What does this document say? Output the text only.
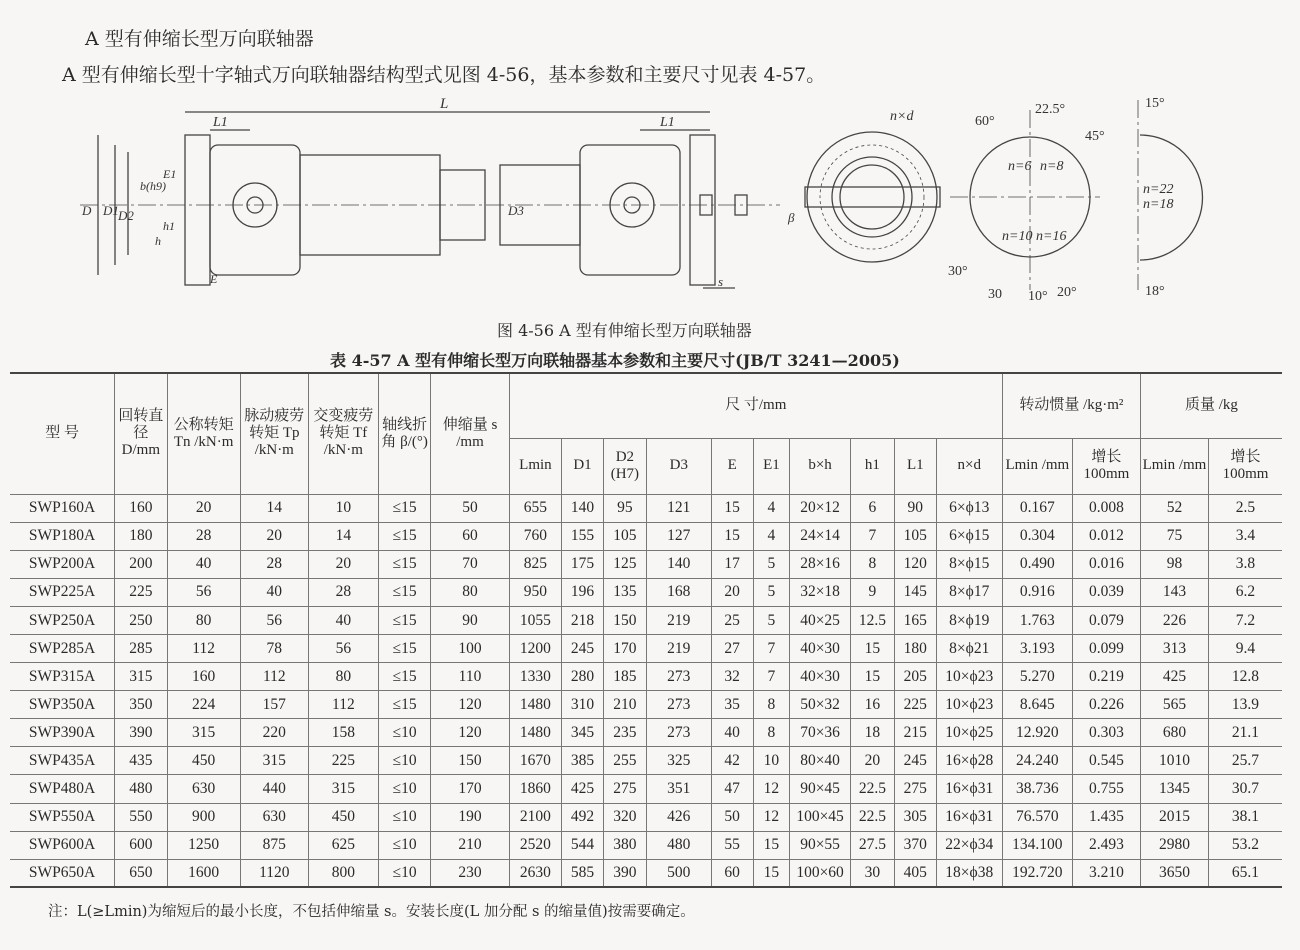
A 型有伸缩长型万向联轴器
A 型有伸缩长型十字轴式万向联轴器结构型式见图 4-56，基本参数和主要尺寸见表 4-57。
L
L1	L1
D D1 D2
b(h9)
E1
h1
h
E
D3	β
s
n×d	60°
22.5°
45°
n=6 n=8
n=10 n=16
30°
30 10° 20°
15°
n=22
n=18
18°
图 4-56 A 型有伸缩长型万向联轴器
表 4-57 A 型有伸缩长型万向联轴器基本参数和主要尺寸(JB/T 3241—2005)
型 号	回转直径 D/mm	公称转矩 Tn /kN·m	脉动疲劳转矩 Tp /kN·m	交变疲劳转矩 Tf /kN·m	轴线折角 β/(°)	伸缩量 s /mm	尺 寸/mm										转动惯量 /kg·m²		质量 /kg	
							Lmin	D1	D2 (H7)	D3	E	E1	b×h	h1	L1	n×d	Lmin /mm	增长 100mm	Lmin /mm	增长 100mm
SWP160A	160	20	14	10	≤15	50	655	140	95	121	15	4	20×12	6	90	6×ϕ13	0.167	0.008	52	2.5
SWP180A	180	28	20	14	≤15	60	760	155	105	127	15	4	24×14	7	105	6×ϕ15	0.304	0.012	75	3.4
SWP200A	200	40	28	20	≤15	70	825	175	125	140	17	5	28×16	8	120	8×ϕ15	0.490	0.016	98	3.8
SWP225A	225	56	40	28	≤15	80	950	196	135	168	20	5	32×18	9	145	8×ϕ17	0.916	0.039	143	6.2
SWP250A	250	80	56	40	≤15	90	1055	218	150	219	25	5	40×25	12.5	165	8×ϕ19	1.763	0.079	226	7.2
SWP285A	285	112	78	56	≤15	100	1200	245	170	219	27	7	40×30	15	180	8×ϕ21	3.193	0.099	313	9.4
SWP315A	315	160	112	80	≤15	110	1330	280	185	273	32	7	40×30	15	205	10×ϕ23	5.270	0.219	425	12.8
SWP350A	350	224	157	112	≤15	120	1480	310	210	273	35	8	50×32	16	225	10×ϕ23	8.645	0.226	565	13.9
SWP390A	390	315	220	158	≤10	120	1480	345	235	273	40	8	70×36	18	215	10×ϕ25	12.920	0.303	680	21.1
SWP435A	435	450	315	225	≤10	150	1670	385	255	325	42	10	80×40	20	245	16×ϕ28	24.240	0.545	1010	25.7
SWP480A	480	630	440	315	≤10	170	1860	425	275	351	47	12	90×45	22.5	275	16×ϕ31	38.736	0.755	1345	30.7
SWP550A	550	900	630	450	≤10	190	2100	492	320	426	50	12	100×45	22.5	305	16×ϕ31	76.570	1.435	2015	38.1
SWP600A	600	1250	875	625	≤10	210	2520	544	380	480	55	15	90×55	27.5	370	22×ϕ34	134.100	2.493	2980	53.2
SWP650A	650	1600	1120	800	≤10	230	2630	585	390	500	60	15	100×60	30	405	18×ϕ38	192.720	3.210	3650	65.1
注：L(≥Lmin)为缩短后的最小长度，不包括伸缩量 s。安装长度(L 加分配 s 的缩量值)按需要确定。
